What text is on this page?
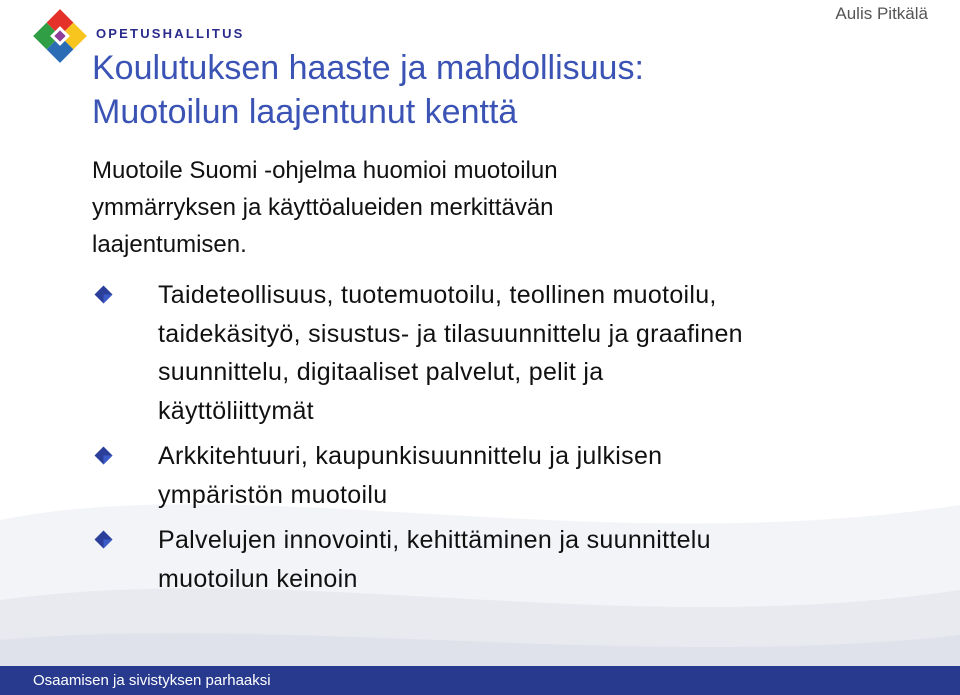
OPETUSHALLITUS
Aulis Pitkälä
Koulutuksen haaste ja mahdollisuus:
Muotoilun laajentunut kenttä
Muotoile Suomi -ohjelma huomioi muotoilun
ymmärryksen ja käyttöalueiden merkittävän
laajentumisen.
Taideteollisuus, tuotemuotoilu, teollinen muotoilu,
taidekäsityö, sisustus- ja tilasuunnittelu ja graafinen
suunnittelu, digitaaliset palvelut, pelit ja
käyttöliittymät
Arkkitehtuuri, kaupunkisuunnittelu ja julkisen
ympäristön muotoilu
Palvelujen innovointi, kehittäminen ja suunnittelu
muotoilun keinoin
Osaamisen ja sivistyksen parhaaksi
